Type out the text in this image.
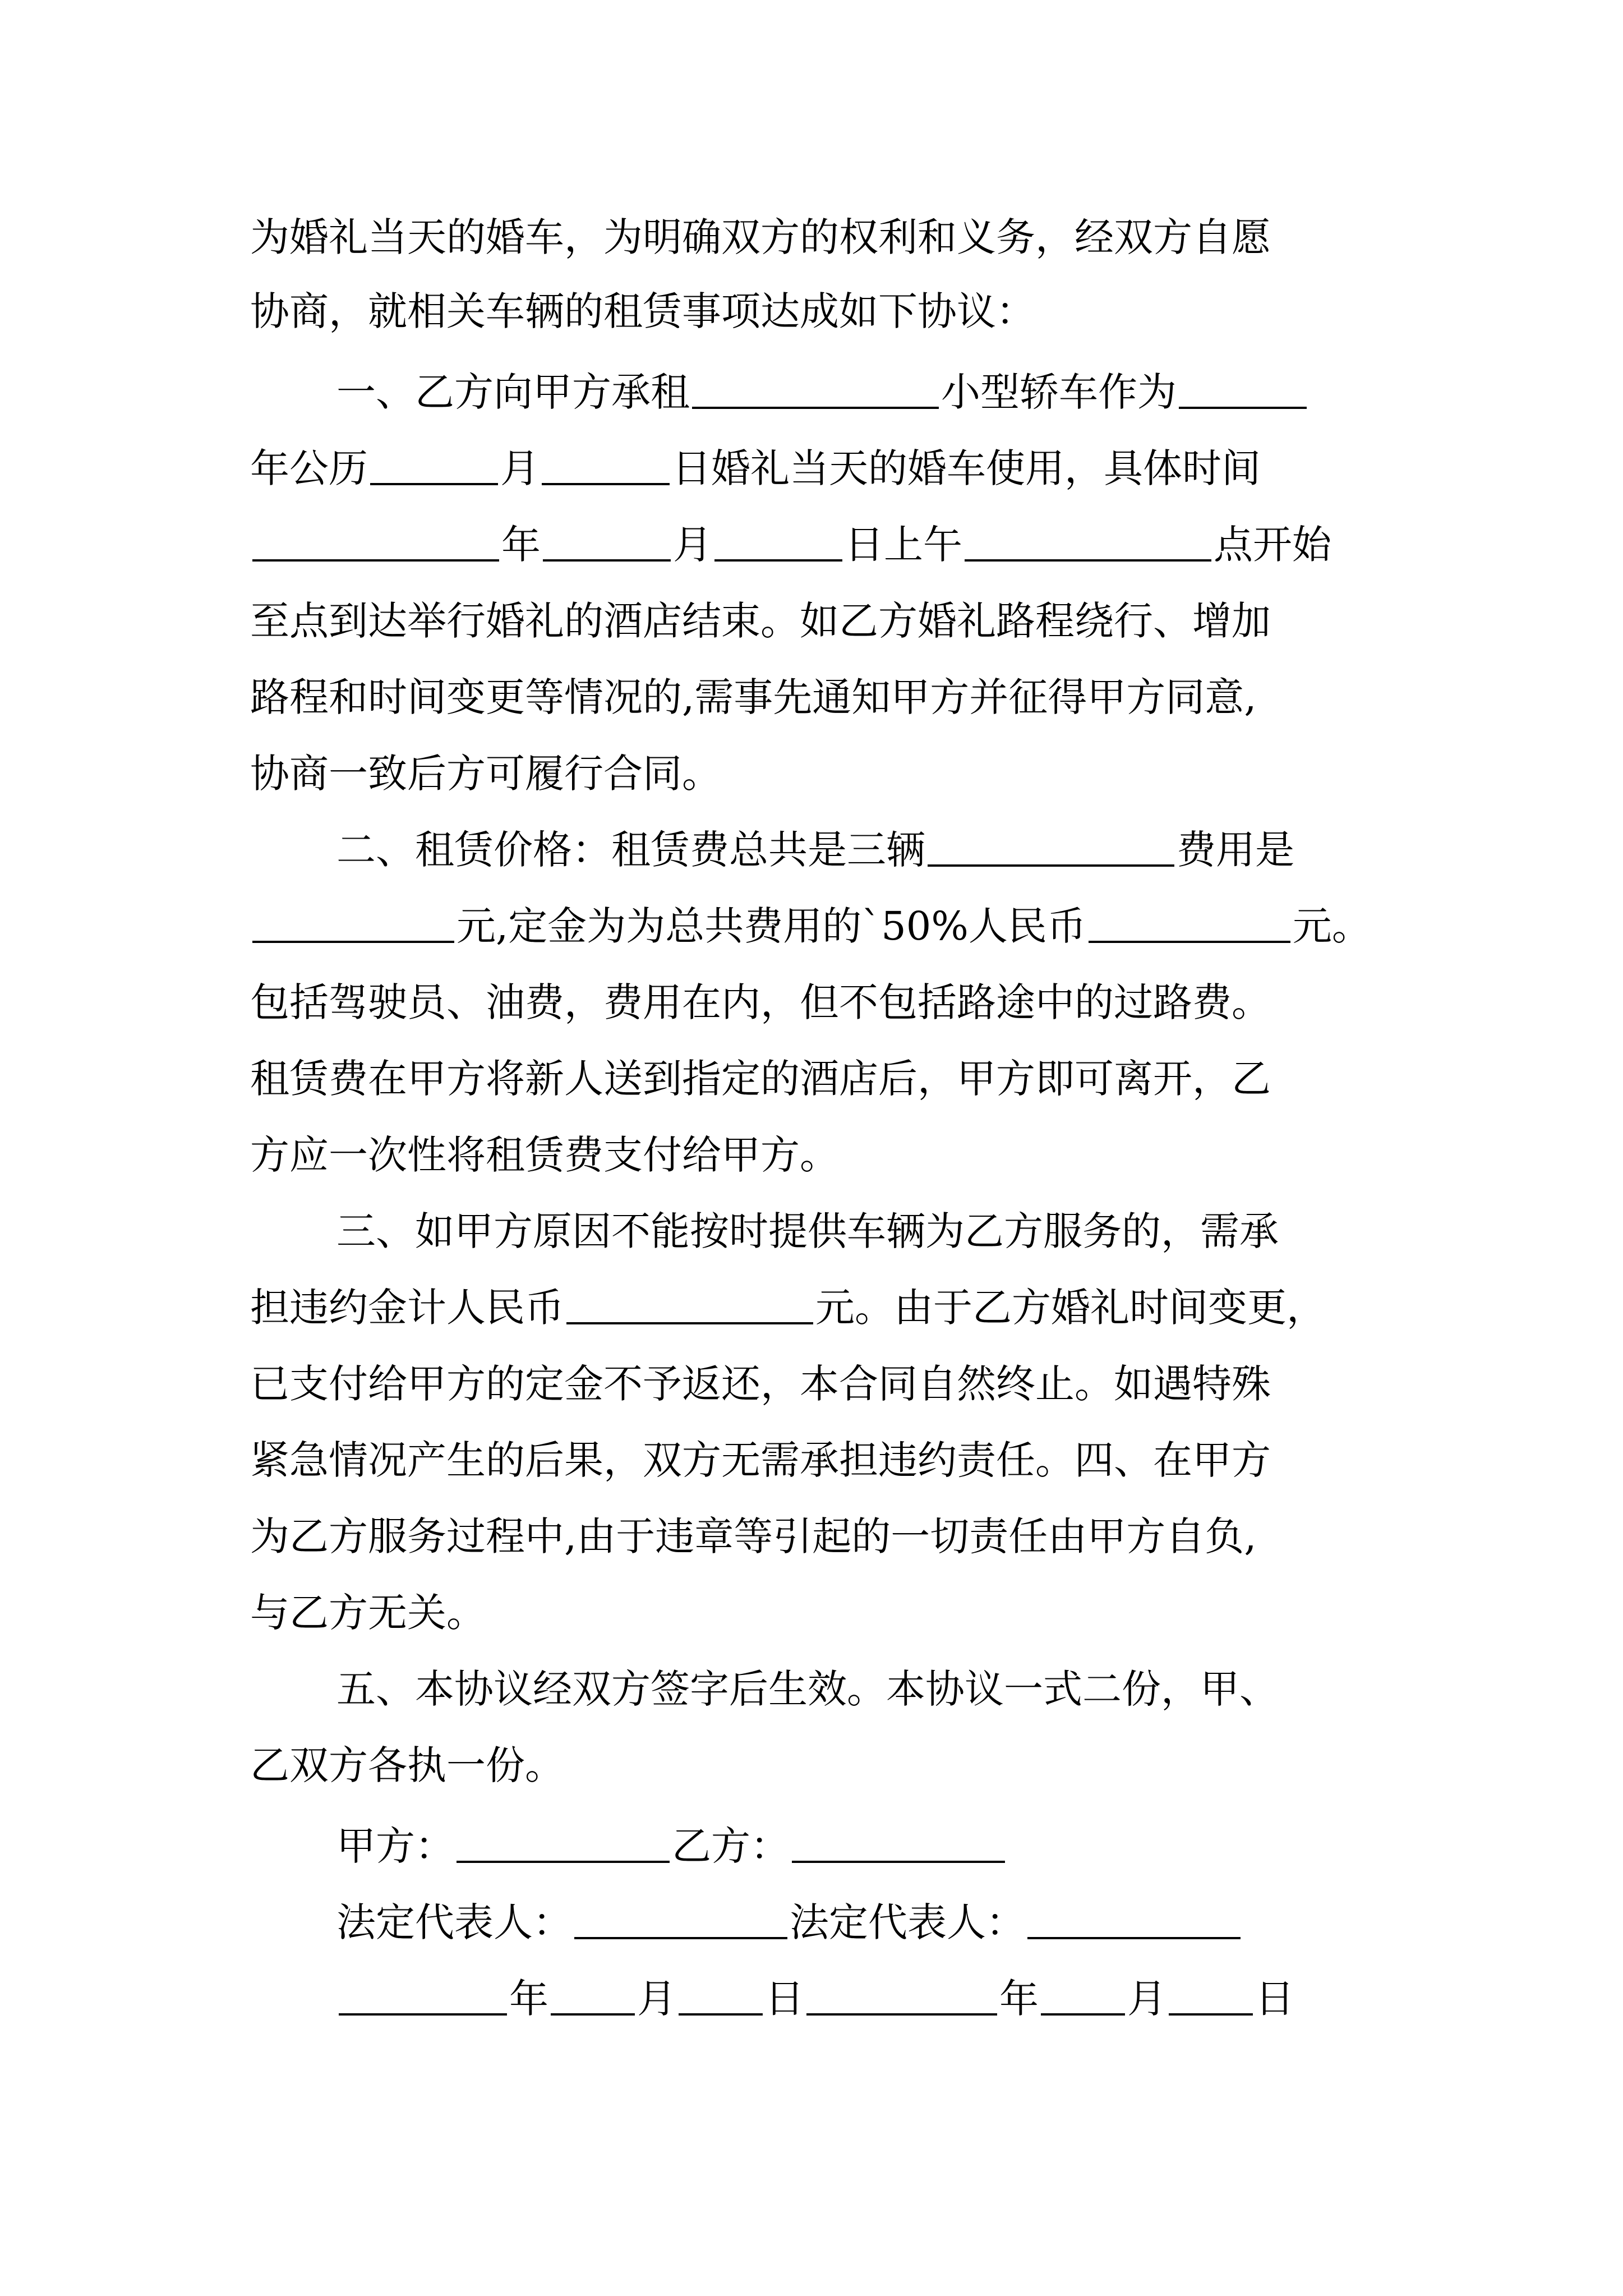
为婚礼当天的婚车，为明确双方的权利和义务，经双方自愿
协商，就相关车辆的租赁事项达成如下协议：
一、乙方向甲方承租	小型轿车作为
年公历	月	日婚礼当天的婚车使用，具体时间
年	月	日上午	点开始
至点到达举行婚礼的酒店结束。如乙方婚礼路程绕行、增加
路程和时间变更等情况的,需事先通知甲方并征得甲方同意,
协商一致后方可履行合同。
二、租赁价格：租赁费总共是三辆	费用是
元,定金为为总共费用的`50%人民币	元。
包括驾驶员、油费，费用在内，但不包括路途中的过路费。
租赁费在甲方将新人送到指定的酒店后，甲方即可离开，乙
方应一次性将租赁费支付给甲方。
三、如甲方原因不能按时提供车辆为乙方服务的，需承
担违约金计人民币	元。由于乙方婚礼时间变更，
已支付给甲方的定金不予返还，本合同自然终止。如遇特殊
紧急情况产生的后果，双方无需承担违约责任。四、在甲方
为乙方服务过程中,由于违章等引起的一切责任由甲方自负,
与乙方无关。
五、本协议经双方签字后生效。本协议一式二份，甲、
乙双方各执一份。
甲方：	乙方：
法定代表人：	法定代表人：
年 月 日	年 月 日
